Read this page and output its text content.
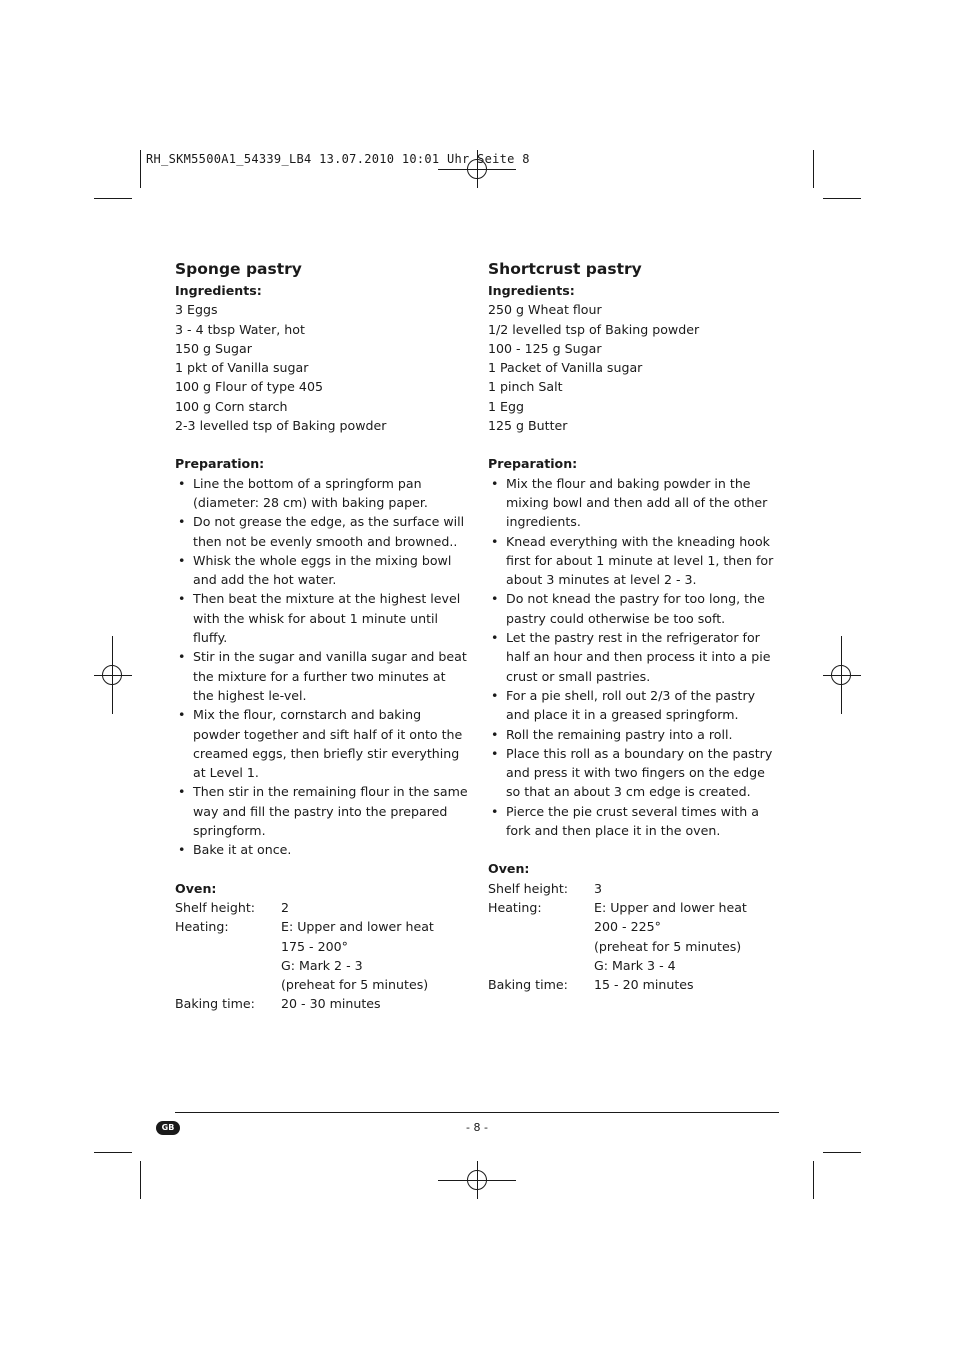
RH_SKM5500A1_54339_LB4 13.07.2010 10:01 Uhr Seite 8
Sponge pastry
Ingredients:
3 Eggs
3 - 4 tbsp Water, hot
150 g Sugar
1 pkt of Vanilla sugar
100 g Flour of type 405
100 g Corn starch
2-3 levelled tsp of Baking powder
Preparation:
• Line the bottom of a springform pan (diameter: 28 cm) with baking paper.
• Do not grease the edge, as the surface will then not be evenly smooth and browned..
• Whisk the whole eggs in the mixing bowl and add the hot water.
• Then beat the mixture at the highest level with the whisk for about 1 minute until fluffy.
• Stir in the sugar and vanilla sugar and beat the mixture for a further two minutes at the highest le-vel.
• Mix the flour, cornstarch and baking powder together and sift half of it onto the creamed eggs, then briefly stir everything at Level 1.
• Then stir in the remaining flour in the same way and fill the pastry into the prepared springform.
• Bake it at once.
Oven:
Shelf height:	2
Heating:	E: Upper and lower heat
175 - 200°
G: Mark 2 - 3
(preheat for 5 minutes)
Baking time:	20 - 30 minutes
Shortcrust pastry
Ingredients:
250 g Wheat flour
1/2 levelled tsp of Baking powder
100 - 125 g Sugar
1 Packet of Vanilla sugar
1 pinch Salt
1 Egg
125 g Butter
Preparation:
• Mix the flour and baking powder in the mixing bowl and then add all of the other ingredients.
• Knead everything with the kneading hook first for about 1 minute at level 1, then for about 3 minutes at level 2 - 3.
• Do not knead the pastry for too long, the pastry could otherwise be too soft.
• Let the pastry rest in the refrigerator for half an hour and then process it into a pie crust or small pastries.
• For a pie shell, roll out 2/3 of the pastry and place it in a greased springform.
• Roll the remaining pastry into a roll.
• Place this roll as a boundary on the pastry and press it with two fingers on the edge so that an about 3 cm edge is created.
• Pierce the pie crust several times with a fork and then place it in the oven.
Oven:
Shelf height:	3
Heating:	E: Upper and lower heat
200 - 225°
(preheat for 5 minutes)
G: Mark 3 - 4
Baking time:	15 - 20 minutes
GB	- 8 -
